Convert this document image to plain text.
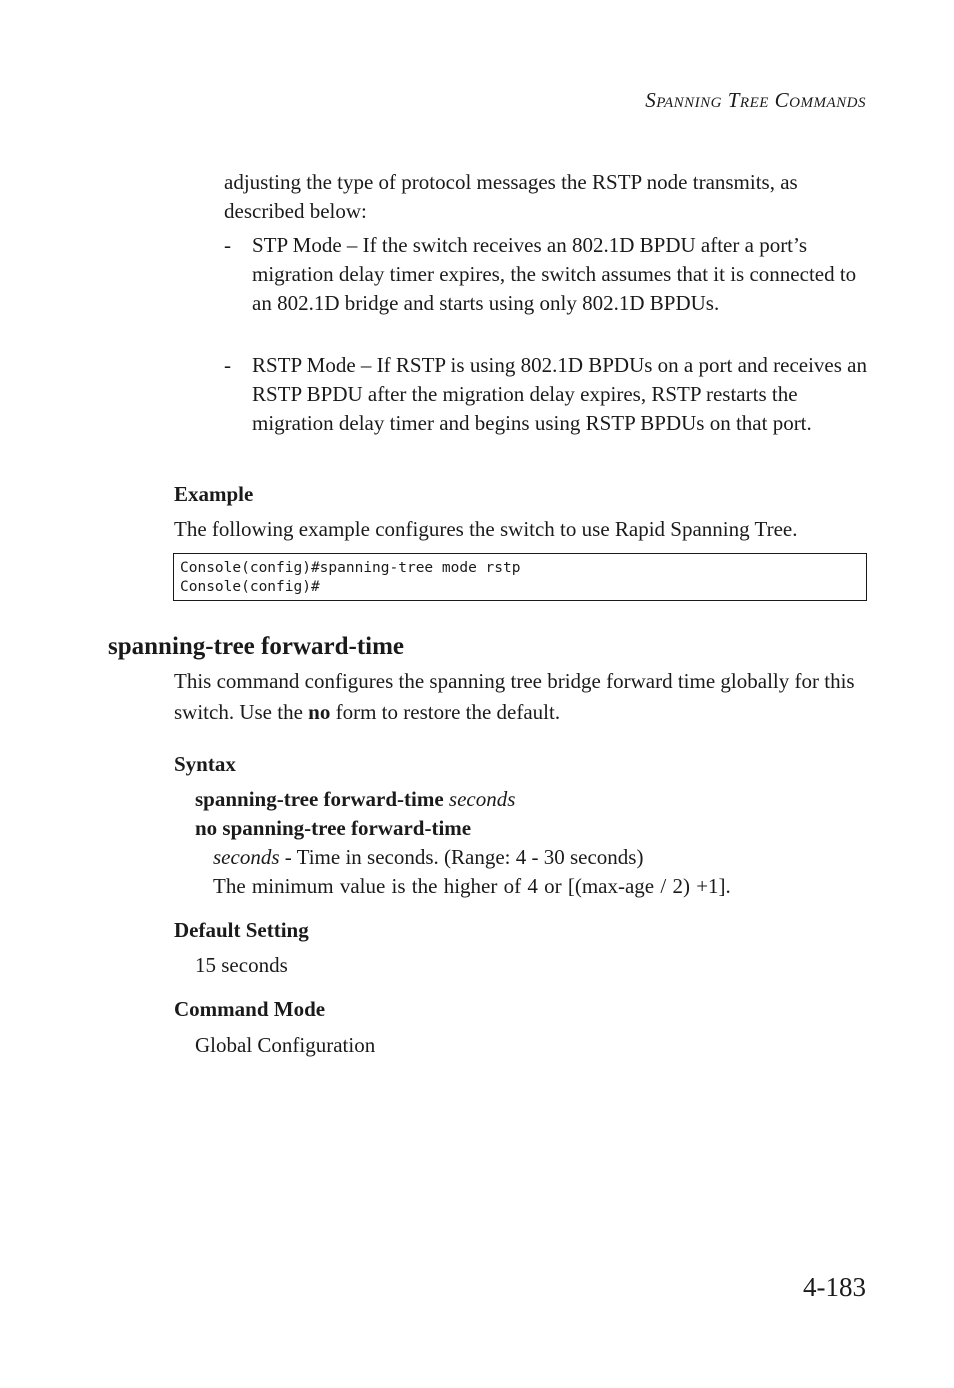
Spanning Tree Commands
adjusting the type of protocol messages the RSTP node transmits, as described below:
-	STP Mode – If the switch receives an 802.1D BPDU after a port’s migration delay timer expires, the switch assumes that it is connected to an 802.1D bridge and starts using only 802.1D BPDUs.
-	RSTP Mode – If RSTP is using 802.1D BPDUs on a port and receives an RSTP BPDU after the migration delay expires, RSTP restarts the migration delay timer and begins using RSTP BPDUs on that port.
Example
The following example configures the switch to use Rapid Spanning Tree.
Console(config)#spanning-tree mode rstp
Console(config)#
spanning-tree forward-time
This command configures the spanning tree bridge forward time globally for this switch. Use the no form to restore the default.
Syntax
spanning-tree forward-time seconds
no spanning-tree forward-time
seconds - Time in seconds. (Range: 4 - 30 seconds)
The minimum value is the higher of 4 or [(max-age / 2) +1].
Default Setting
15 seconds
Command Mode
Global Configuration
4-183
